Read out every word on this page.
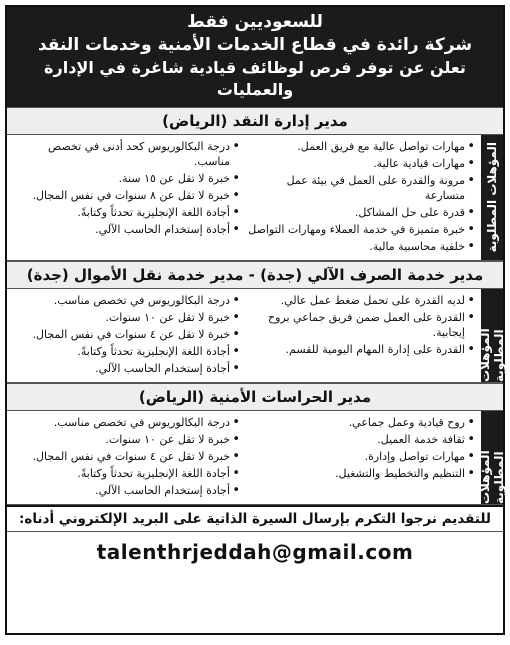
للسعوديين فقط
شركة رائدة في قطاع الخدمات الأمنية وخدمات النقد
تعلن عن توفر فرص لوظائف قيادية شاغرة في الإدارة والعمليات
مدير إدارة النقد (الرياض)
المؤهلات المطلوبة
• درجة البكالوريوس كحد أدنى في تخصص مناسب.
• خبرة لا تقل عن ١٥ سنة.
• خبرة لا تقل عن ٨ سنوات في نفس المجال.
• أجادة اللغة الإنجليزية تحدثاً وكتابةً.
• أجادة إستخدام الحاسب الآلي.
• مهارات تواصل عالية مع فريق العمل.
• مهارات قيادية عالية.
• مرونة والقدرة على العمل في بيئة عمل متسارعة
• قدرة على حل المشاكل.
• خبرة متميزة في خدمة العملاء ومهارات التواصل
• خلفية محاسبية مالية.
مدير خدمة الصرف الآلي (جدة) - مدير خدمة نقل الأموال (جدة)
المؤهلات المطلوبة
• درجة البكالوريوس في تخصص مناسب.
• خبرة لا تقل عن ١٠ سنوات.
• خبرة لا تقل عن ٤ سنوات في نفس المجال.
• أجادة اللغة الإنجليزية تحدثاً وكتابةً.
• أجادة إستخدام الحاسب الآلي.
• لديه القدرة على تحمل ضغط عمل عالي.
• القدرة على العمل ضمن فريق جماعي بروح إيجابية.
• القدرة على إدارة المهام اليومية للقسم.
مدير الحراسات الأمنية (الرياض)
المؤهلات المطلوبة
• درجة البكالوريوس في تخصص مناسب.
• خبرة لا تقل عن ١٠ سنوات.
• خبرة لا تقل عن ٤ سنوات في نفس المجال.
• أجادة اللغة الإنجليزية تحدثاً وكتابةً.
• أجادة إستخدام الحاسب الآلي.
• روح قيادية وعمل جماعي.
• ثقافة خدمة العميل.
• مهارات تواصل وإدارة.
• التنظيم والتخطيط والتشغيل.
للتقديم نرجوا التكرم بإرسال السيرة الذاتية على البريد الإلكتروني أدناه:
talenthrjeddah@gmail.com
